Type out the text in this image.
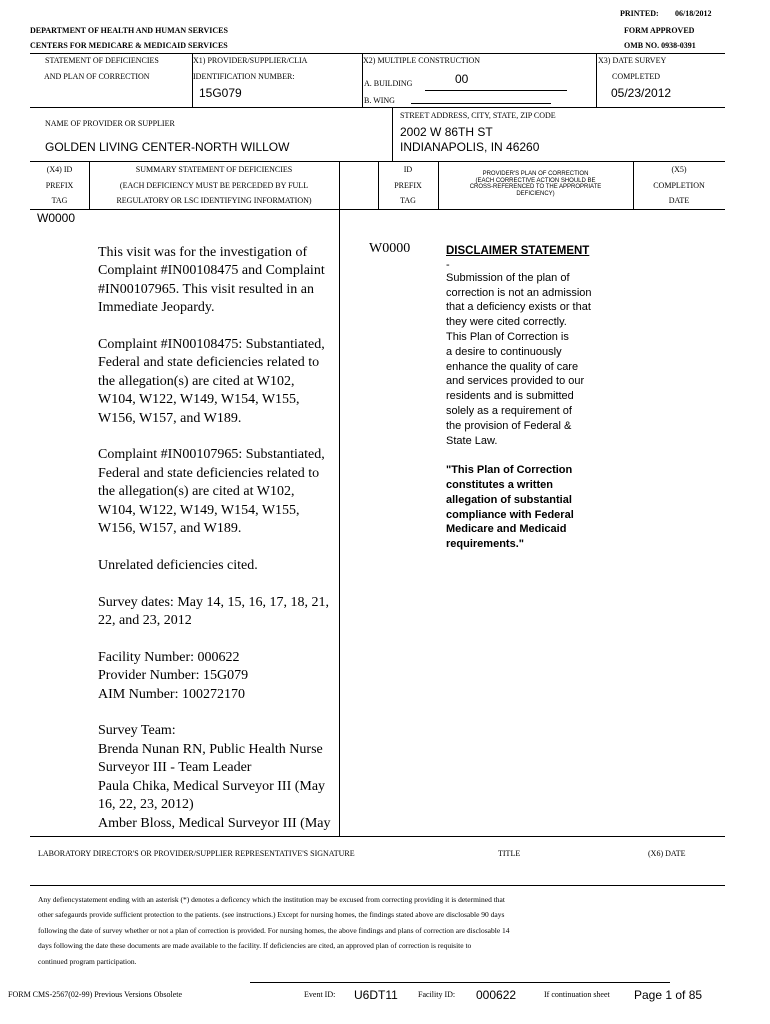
PRINTED: 06/18/2012
DEPARTMENT OF HEALTH AND HUMAN SERVICES
CENTERS FOR MEDICARE & MEDICAID SERVICES
FORM APPROVED
OMB NO. 0938-0391
STATEMENT OF DEFICIENCIES
AND PLAN OF CORRECTION
X1) PROVIDER/SUPPLIER/CLIA
IDENTIFICATION NUMBER:
15G079
X2) MULTIPLE CONSTRUCTION
A. BUILDING	00
B. WING
X3) DATE SURVEY
COMPLETED
05/23/2012
NAME OF PROVIDER OR SUPPLIER
GOLDEN LIVING CENTER-NORTH WILLOW
STREET ADDRESS, CITY, STATE, ZIP CODE
2002 W 86TH ST
INDIANAPOLIS, IN 46260
(X4) ID
PREFIX
TAG
SUMMARY STATEMENT OF DEFICIENCIES
(EACH DEFICIENCY MUST BE PERCEDED BY FULL
REGULATORY OR LSC IDENTIFYING INFORMATION)
ID
PREFIX
TAG
PROVIDER'S PLAN OF CORRECTION
(EACH CORRECTIVE ACTION SHOULD BE
CROSS-REFERENCED TO THE APPROPRIATE
DEFICIENCY)
(X5)
COMPLETION
DATE
W0000
W0000

This visit was for the investigation of
Complaint #IN00108475 and Complaint
#IN00107965. This visit resulted in an
Immediate Jeopardy.

Complaint #IN00108475: Substantiated,
Federal and state deficiencies related to
the allegation(s) are cited at W102,
W104, W122, W149, W154, W155,
W156, W157, and W189.

Complaint #IN00107965: Substantiated,
Federal and state deficiencies related to
the allegation(s) are cited at W102,
W104, W122, W149, W154, W155,
W156, W157, and W189.

Unrelated deficiencies cited.

Survey dates: May 14, 15, 16, 17, 18, 21,
22, and 23, 2012

Facility Number: 000622
Provider Number: 15G079
AIM Number: 100272170

Survey Team:
Brenda Nunan RN, Public Health Nurse
Surveyor III - Team Leader
Paula Chika, Medical Surveyor III (May
16, 22, 23, 2012)
Amber Bloss, Medical Surveyor III (May

DISCLAIMER STATEMENT

-

Submission of the plan of
correction is not an admission
that a deficiency exists or that
they were cited correctly.
This Plan of Correction is
a desire to continuously
enhance the quality of care
and services provided to our
residents and is submitted
solely as a requirement of
the provision of Federal &
State Law.

"This Plan of Correction
constitutes a written
allegation of substantial
compliance with Federal
Medicare and Medicaid
requirements."

LABORATORY DIRECTOR'S OR PROVIDER/SUPPLIER REPRESENTATIVE'S SIGNATURE	TITLE	(X6) DATE
Any defiencystatement ending with an asterisk (*) denotes a deficency which the institution may be excused from correcting providing it is determined that
other safegaurds provide sufficient protection to the patients. (see instructions.) Except for nursing homes, the findings stated above are disclosable 90 days
following the date of survey whether or not a plan of correction is provided. For nursing homes, the above findings and plans of correction are disclosable 14
days following the date these documents are made available to the facility. If deficiencies are cited, an approved plan of correction is requisite to
continued program participation.
FORM CMS-2567(02-99) Previous Versions Obsolete	Event ID: U6DT11	Facility ID: 000622	If continuation sheet Page 1 of 85
